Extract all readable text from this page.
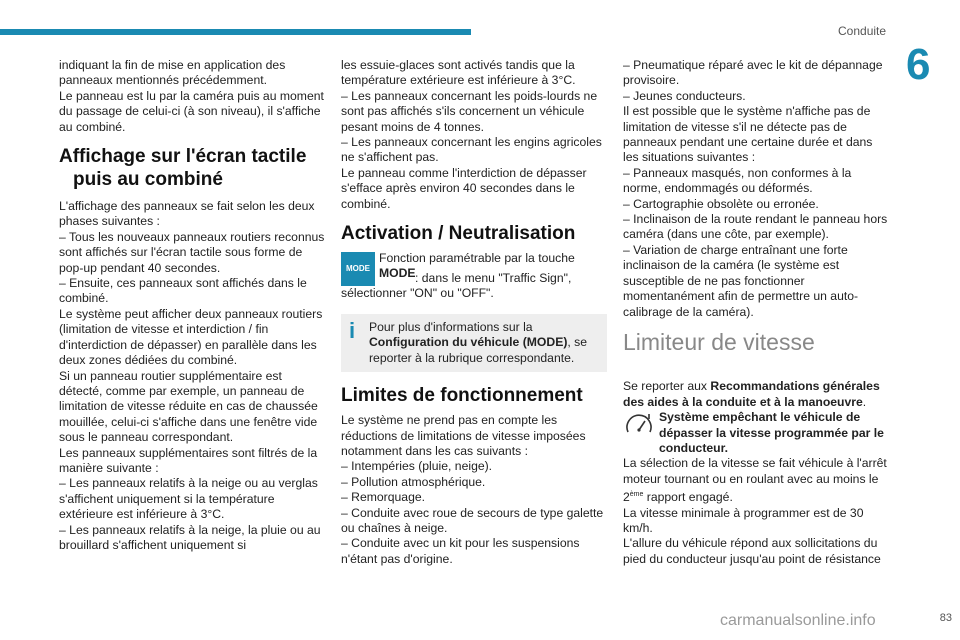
Conduite
6

indiquant la fin de mise en application des panneaux mentionnés précédemment.
Le panneau est lu par la caméra puis au moment du passage de celui-ci (à son niveau), il s'affiche au combiné.

Affichage sur l'écran tactile
puis au combiné

L'affichage des panneaux se fait selon les deux phases suivantes :
– Tous les nouveaux panneaux routiers reconnus sont affichés sur l'écran tactile sous forme de pop-up pendant 40 secondes.
– Ensuite, ces panneaux sont affichés dans le combiné.
Le système peut afficher deux panneaux routiers (limitation de vitesse et interdiction / fin d'interdiction de dépasser) en parallèle dans les deux zones dédiées du combiné.
Si un panneau routier supplémentaire est détecté, comme par exemple, un panneau de limitation de vitesse réduite en cas de chaussée mouillée, celui-ci s'affiche dans une fenêtre vide sous le panneau correspondant.
Les panneaux supplémentaires sont filtrés de la manière suivante :
– Les panneaux relatifs à la neige ou au verglas s'affichent uniquement si la température extérieure est inférieure à 3°C.
– Les panneaux relatifs à la neige, la pluie ou au brouillard s'affichent uniquement si

les essuie-glaces sont activés tandis que la température extérieure est inférieure à 3°C.
– Les panneaux concernant les poids-lourds ne sont pas affichés s'ils concernent un véhicule pesant moins de 4 tonnes.
– Les panneaux concernant les engins agricoles ne s'affichent pas.
Le panneau comme l'interdiction de dépasser s'efface après environ 40 secondes dans le combiné.

Activation / Neutralisation
MODE
Fonction paramétrable par la touche
MODE : dans le menu "Traffic Sign", sélectionner "ON" ou "OFF".

i	Pour plus d'informations sur la Configuration du véhicule (MODE), se reporter à la rubrique correspondante.
Limites de fonctionnement

Le système ne prend pas en compte les réductions de limitations de vitesse imposées notamment dans les cas suivants :
– Intempéries (pluie, neige).
– Pollution atmosphérique.
– Remorquage.
– Conduite avec roue de secours de type galette ou chaînes à neige.
– Conduite avec un kit pour les suspensions n'étant pas d'origine.

– Pneumatique réparé avec le kit de dépannage provisoire.
– Jeunes conducteurs.
Il est possible que le système n'affiche pas de limitation de vitesse s'il ne détecte pas de panneaux pendant une certaine durée et dans les situations suivantes :
– Panneaux masqués, non conformes à la norme, endommagés ou déformés.
– Cartographie obsolète ou erronée.
– Inclinaison de la route rendant le panneau hors caméra (dans une côte, par exemple).
– Variation de charge entraînant une forte inclinaison de la caméra (le système est susceptible de ne pas fonctionner momentanément afin de permettre un auto-calibrage de la caméra).

Limiteur de vitesse

Se reporter aux Recommandations générales des aides à la conduite et à la manoeuvre.

Système empêchant le véhicule de dépasser la vitesse programmée par le conducteur.

La sélection de la vitesse se fait véhicule à l'arrêt moteur tournant ou en roulant avec au moins le 2ème rapport engagé.
La vitesse minimale à programmer est de 30 km/h.
L'allure du véhicule répond aux sollicitations du pied du conducteur jusqu'au point de résistance

carmanualsonline.info	83
